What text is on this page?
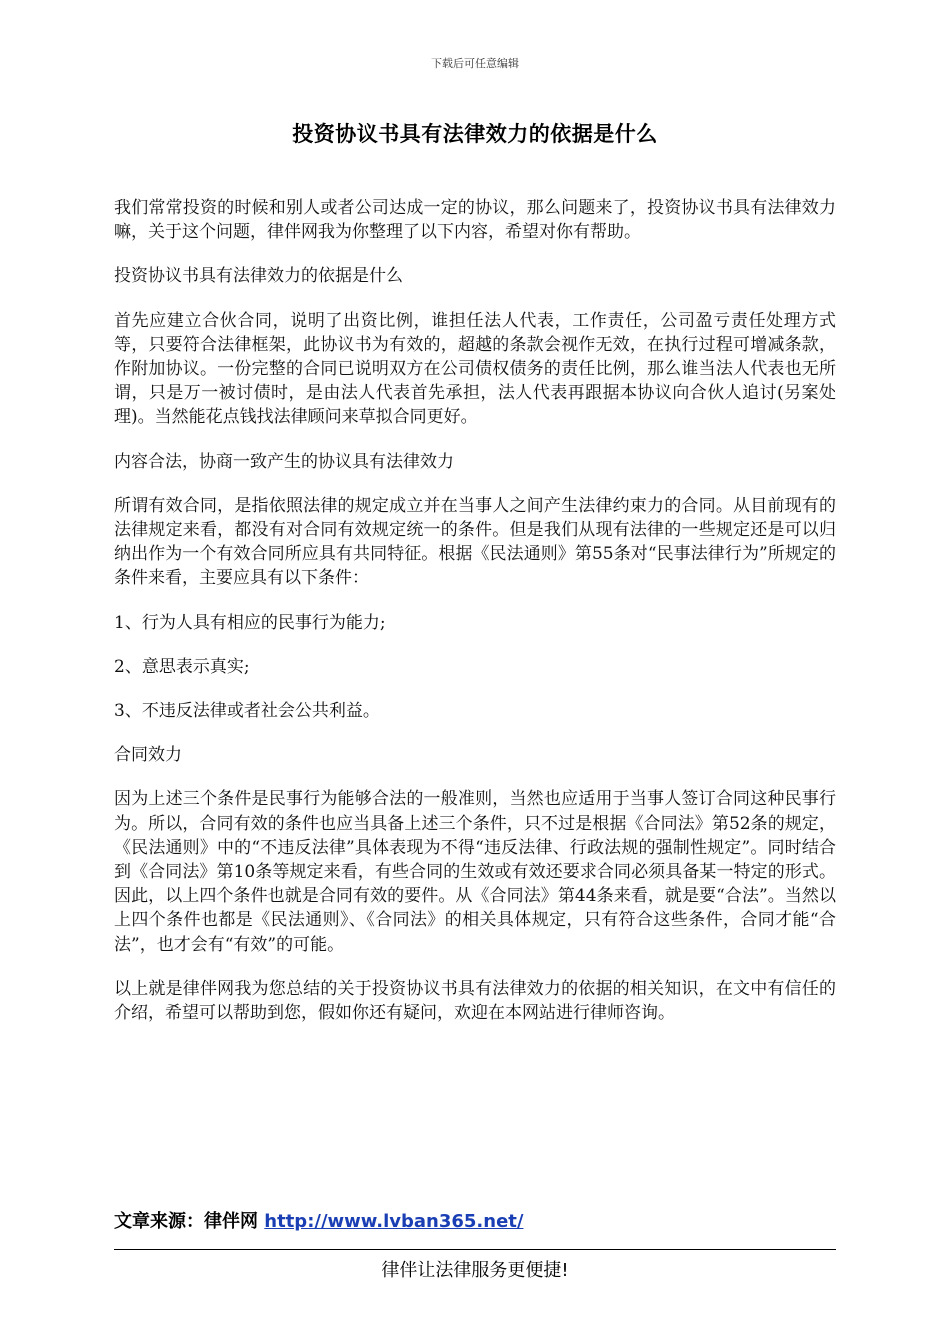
下载后可任意编辑
投资协议书具有法律效力的依据是什么

我们常常投资的时候和别人或者公司达成一定的协议，那么问题来了，投资协议书具有法律效力嘛，关于这个问题，律伴网我为你整理了以下内容，希望对你有帮助。

投资协议书具有法律效力的依据是什么

首先应建立合伙合同，说明了出资比例，谁担任法人代表，工作责任，公司盈亏责任处理方式等，只要符合法律框架，此协议书为有效的，超越的条款会视作无效，在执行过程可增减条款，作附加协议。一份完整的合同已说明双方在公司债权债务的责任比例，那么谁当法人代表也无所谓，只是万一被讨债时，是由法人代表首先承担，法人代表再跟据本协议向合伙人追讨(另案处理)。当然能花点钱找法律顾问来草拟合同更好。

内容合法，协商一致产生的协议具有法律效力

所谓有效合同，是指依照法律的规定成立并在当事人之间产生法律约束力的合同。从目前现有的法律规定来看，都没有对合同有效规定统一的条件。但是我们从现有法律的一些规定还是可以归纳出作为一个有效合同所应具有共同特征。根据《民法通则》第55条对“民事法律行为”所规定的条件来看，主要应具有以下条件：

1、行为人具有相应的民事行为能力;

2、意思表示真实;

3、不违反法律或者社会公共利益。

合同效力

因为上述三个条件是民事行为能够合法的一般准则，当然也应适用于当事人签订合同这种民事行为。所以，合同有效的条件也应当具备上述三个条件，只不过是根据《合同法》第52条的规定，《民法通则》中的“不违反法律”具体表现为不得“违反法律、行政法规的强制性规定”。同时结合到《合同法》第10条等规定来看，有些合同的生效或有效还要求合同必须具备某一特定的形式。因此，以上四个条件也就是合同有效的要件。从《合同法》第44条来看，就是要“合法”。当然以上四个条件也都是《民法通则》、《合同法》的相关具体规定，只有符合这些条件，合同才能“合法”，也才会有“有效”的可能。

以上就是律伴网我为您总结的关于投资协议书具有法律效力的依据的相关知识，在文中有信任的介绍，希望可以帮助到您，假如你还有疑问，欢迎在本网站进行律师咨询。

文章来源：律伴网 http://www.lvban365.net/
律伴让法律服务更便捷!
